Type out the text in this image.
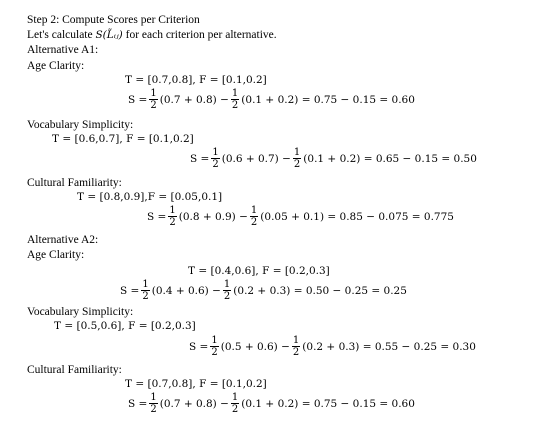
Step 2: Compute Scores per Criterion
Let's calculate S(L̃ᵢⱼ) for each criterion per alternative.
Alternative A1:
Age Clarity:
T = [0.7,0.8], F = [0.1,0.2]
$S = \frac{1}{2} (0.7 + 0.8) - \frac{1}{2} (0.1 + 0.2) = 0.75 - 0.15 = 0.60$
Vocabulary Simplicity:
T = [0.6,0.7], F = [0.1,0.2]
$S = \frac{1}{2} (0.6 + 0.7) - \frac{1}{2} (0.1 + 0.2) = 0.65 - 0.15 = 0.50$
Cultural Familiarity:
T = [0.8,0.9],F = [0.05,0.1]
$S = \frac{1}{2} (0.8 + 0.9) - \frac{1}{2} (0.05 + 0.1) = 0.85 - 0.075 = 0.775$
Alternative A2:
Age Clarity:
T = [0.4,0.6], F = [0.2,0.3]
$S = \frac{1}{2} (0.4 + 0.6) - \frac{1}{2} (0.2 + 0.3) = 0.50 - 0.25 = 0.25$
Vocabulary Simplicity:
T = [0.5,0.6], F = [0.2,0.3]
$S = \frac{1}{2} (0.5 + 0.6) - \frac{1}{2} (0.2 + 0.3) = 0.55 - 0.25 = 0.30$
Cultural Familiarity:
T = [0.7,0.8], F = [0.1,0.2]
$S = \frac{1}{2} (0.7 + 0.8) - \frac{1}{2} (0.1 + 0.2) = 0.75 - 0.15 = 0.60$
